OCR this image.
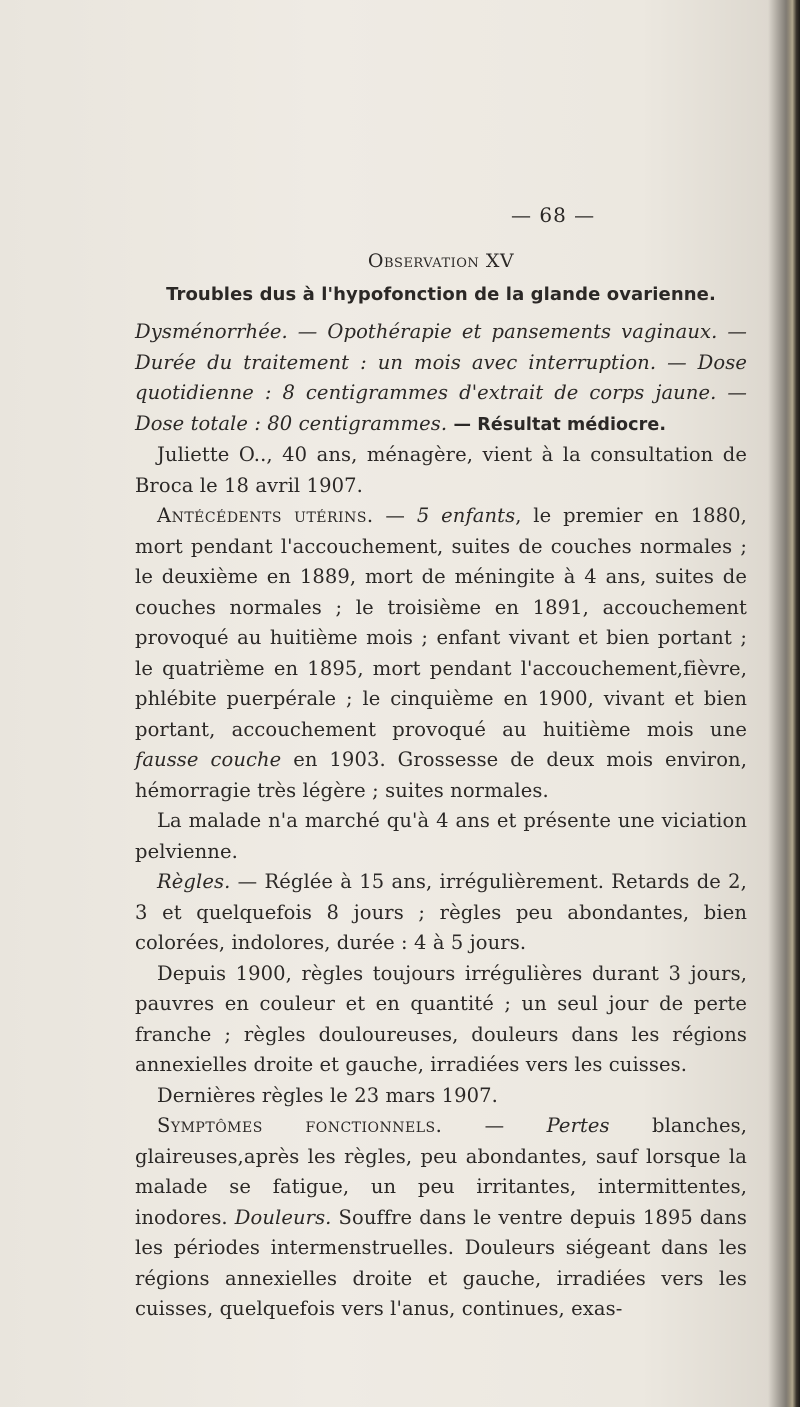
— 68 —
Observation XV
Troubles dus à l'hypofonction de la glande ovarienne.

Dysménorrhée. — Opothérapie et pansements vaginaux. — Durée du traitement : un mois avec interruption. — Dose quotidienne : 8 centigrammes d'extrait de corps jaune. — Dose totale : 80 centigrammes. — Résultat médiocre.

Juliette O.., 40 ans, ménagère, vient à la consultation de Broca le 18 avril 1907.

Antécédents utérins. — 5 enfants, le premier en 1880, mort pendant l'accouchement, suites de couches normales ; le deuxième en 1889, mort de méningite à 4 ans, suites de couches normales ; le troisième en 1891, accouchement provoqué au huitième mois ; enfant vivant et bien portant ; le quatrième en 1895, mort pendant l'accouchement,fièvre, phlébite puerpérale ; le cinquième en 1900, vivant et bien portant, accouchement provoqué au huitième mois une fausse couche en 1903. Grossesse de deux mois environ, hémorragie très légère ; suites normales.

La malade n'a marché qu'à 4 ans et présente une viciation pelvienne.

Règles. — Réglée à 15 ans, irrégulièrement. Retards de 2, 3 et quelquefois 8 jours ; règles peu abondantes, bien colorées, indolores, durée : 4 à 5 jours.

Depuis 1900, règles toujours irrégulières durant 3 jours, pauvres en couleur et en quantité ; un seul jour de perte franche ; règles douloureuses, douleurs dans les régions annexielles droite et gauche, irradiées vers les cuisses.

Dernières règles le 23 mars 1907.

Symptômes fonctionnels. — Pertes blanches, glaireuses,après les règles, peu abondantes, sauf lorsque la malade se fatigue, un peu irritantes, intermittentes, inodores. Douleurs. Souffre dans le ventre depuis 1895 dans les périodes intermenstruelles. Douleurs siégeant dans les régions annexielles droite et gauche, irradiées vers les cuisses, quelquefois vers l'anus, continues, exas-
